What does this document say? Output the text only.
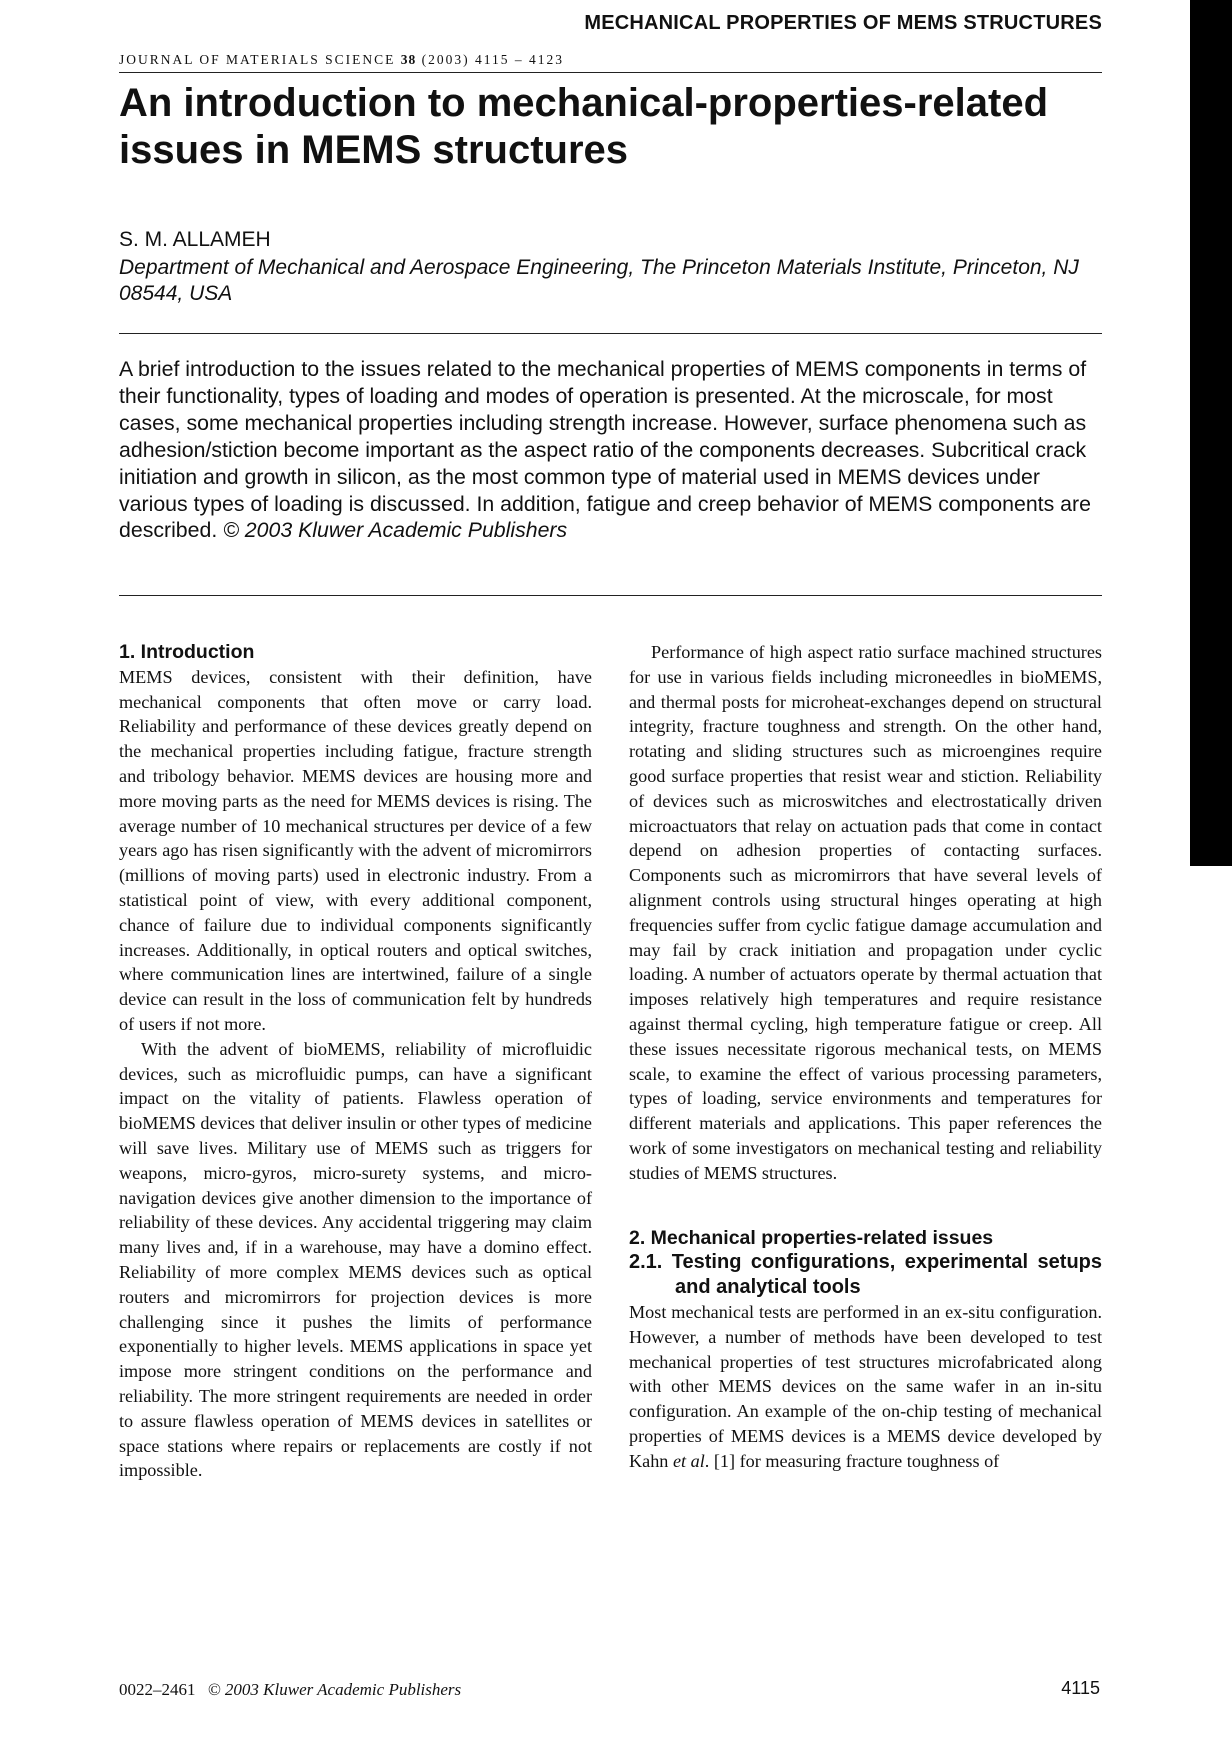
MECHANICAL PROPERTIES OF MEMS STRUCTURES
JOURNAL OF MATERIALS SCIENCE 38 (2003) 4115 – 4123
An introduction to mechanical-properties-related issues in MEMS structures
S. M. ALLAMEH
Department of Mechanical and Aerospace Engineering, The Princeton Materials Institute, Princeton, NJ 08544, USA

A brief introduction to the issues related to the mechanical properties of MEMS components in terms of their functionality, types of loading and modes of operation is presented. At the microscale, for most cases, some mechanical properties including strength increase. However, surface phenomena such as adhesion/stiction become important as the aspect ratio of the components decreases. Subcritical crack initiation and growth in silicon, as the most common type of material used in MEMS devices under various types of loading is discussed. In addition, fatigue and creep behavior of MEMS components are described. © 2003 Kluwer Academic Publishers

1. Introduction

MEMS devices, consistent with their definition, have mechanical components that often move or carry load. Reliability and performance of these devices greatly depend on the mechanical properties including fatigue, fracture strength and tribology behavior. MEMS devices are housing more and more moving parts as the need for MEMS devices is rising. The average number of 10 mechanical structures per device of a few years ago has risen significantly with the advent of micromirrors (millions of moving parts) used in electronic industry. From a statistical point of view, with every additional component, chance of failure due to individual components significantly increases. Additionally, in optical routers and optical switches, where communication lines are intertwined, failure of a single device can result in the loss of communication felt by hundreds of users if not more.

With the advent of bioMEMS, reliability of microfluidic devices, such as microfluidic pumps, can have a significant impact on the vitality of patients. Flawless operation of bioMEMS devices that deliver insulin or other types of medicine will save lives. Military use of MEMS such as triggers for weapons, micro-gyros, micro-surety systems, and micro-navigation devices give another dimension to the importance of reliability of these devices. Any accidental triggering may claim many lives and, if in a warehouse, may have a domino effect. Reliability of more complex MEMS devices such as optical routers and micromirrors for projection devices is more challenging since it pushes the limits of performance exponentially to higher levels. MEMS applications in space yet impose more stringent conditions on the performance and reliability. The more stringent requirements are needed in order to assure flawless operation of MEMS devices in satellites or space stations where repairs or replacements are costly if not impossible.

Performance of high aspect ratio surface machined structures for use in various fields including microneedles in bioMEMS, and thermal posts for microheat-exchanges depend on structural integrity, fracture toughness and strength. On the other hand, rotating and sliding structures such as microengines require good surface properties that resist wear and stiction. Reliability of devices such as microswitches and electrostatically driven microactuators that relay on actuation pads that come in contact depend on adhesion properties of contacting surfaces. Components such as micromirrors that have several levels of alignment controls using structural hinges operating at high frequencies suffer from cyclic fatigue damage accumulation and may fail by crack initiation and propagation under cyclic loading. A number of actuators operate by thermal actuation that imposes relatively high temperatures and require resistance against thermal cycling, high temperature fatigue or creep. All these issues necessitate rigorous mechanical tests, on MEMS scale, to examine the effect of various processing parameters, types of loading, service environments and temperatures for different materials and applications. This paper references the work of some investigators on mechanical testing and reliability studies of MEMS structures.

2. Mechanical properties-related issues
2.1. Testing configurations, experimental setups and analytical tools

Most mechanical tests are performed in an ex-situ configuration. However, a number of methods have been developed to test mechanical properties of test structures microfabricated along with other MEMS devices on the same wafer in an in-situ configuration. An example of the on-chip testing of mechanical properties of MEMS devices is a MEMS device developed by Kahn et al. [1] for measuring fracture toughness of

0022–2461 © 2003 Kluwer Academic Publishers	4115
